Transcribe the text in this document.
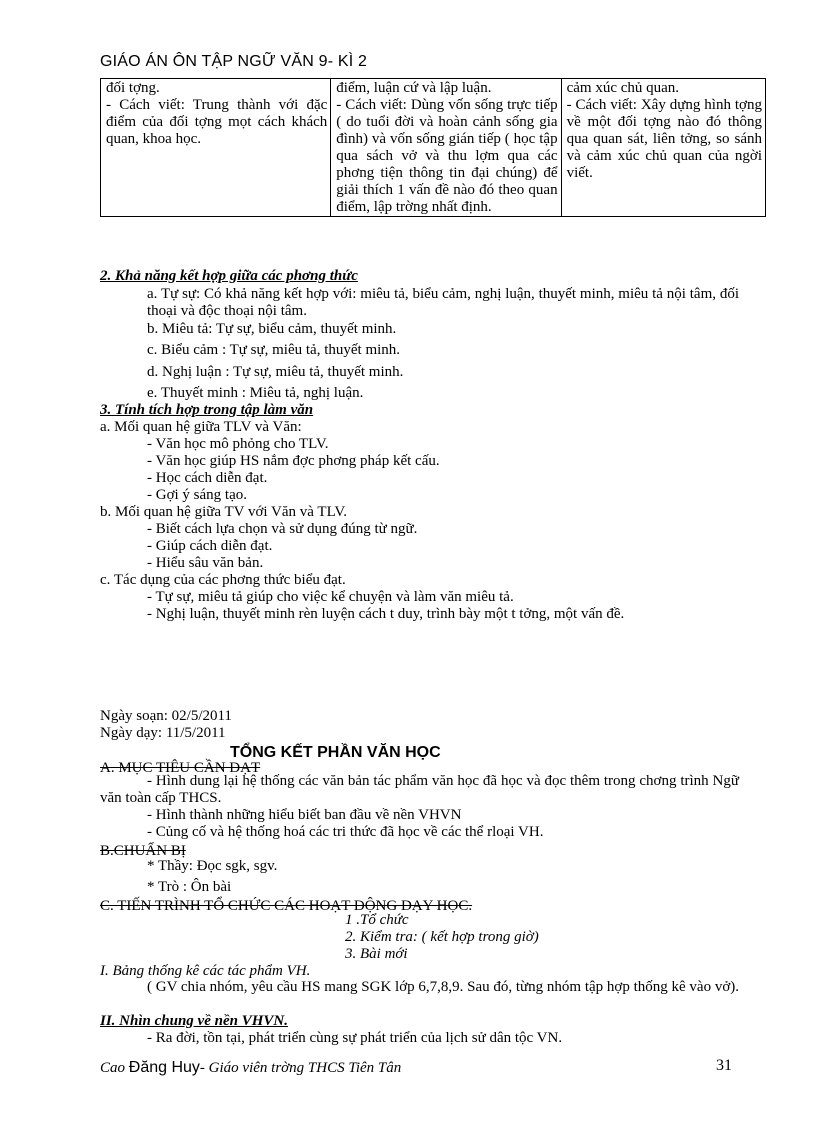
GIÁO ÁN ÔN TẬP NGỮ VĂN 9- KÌ 2
đối tợng.
- Cách viết: Trung thành với đặc điểm của đối tợng mọt cách khách quan, khoa học.

điểm, luận cứ và lập luận.
- Cách viết: Dùng vốn sống trực tiếp ( do tuổi đời và hoàn cảnh sống gia đình) và vốn sống gián tiếp ( học tập qua sách vở và thu lợm qua các phơng tiện thông tin đại chúng) để giải thích 1 vấn đề nào đó theo quan điểm, lập trờng nhất định.

cảm xúc chủ quan.
- Cách viết: Xây dựng hình tợng về một đối tợng nào đó thông qua quan sát, liên tởng, so sánh và cảm xúc chủ quan của ngời viết.
2. Khả năng kết hợp giữa các phơng thức
a. Tự sự: Có khả năng kết hợp với: miêu tả, biểu cảm, nghị luận, thuyết minh, miêu tả nội tâm, đối thoại và độc thoại nội tâm.
b. Miêu tả: Tự sự, biểu cảm, thuyết minh.
c. Biểu cảm : Tự sự, miêu tả, thuyết minh.
d. Nghị luận : Tự sự, miêu tả, thuyết minh.
e. Thuyết minh : Miêu tả, nghị luận.
3. Tính tích hợp trong tập làm văn
a. Mối quan hệ giữa TLV và Văn:
- Văn học mô phỏng cho TLV.
- Văn học giúp HS nắm đợc phơng pháp kết cấu.
- Học cách diễn đạt.
- Gợi ý sáng tạo.
b. Mối quan hệ giữa TV với Văn và TLV.
- Biết cách lựa chọn và sử dụng đúng từ ngữ.
- Giúp cách diễn đạt.
- Hiểu sâu văn bản.
c. Tác dụng của các phơng thức biểu đạt.
- Tự sự, miêu tả giúp cho việc kể chuyện và làm văn miêu tả.
- Nghị luận, thuyết minh rèn luyện cách t duy, trình bày một t tởng, một vấn đề.
Ngày soạn: 02/5/2011
Ngày dạy: 11/5/2011
TỔNG KẾT PHẦN VĂN HỌC
A. MỤC TIÊU CẦN ĐẠT
- Hình dung lại hệ thống các văn bản tác phẩm văn học đã học và đọc thêm trong chơng trình Ngữ văn toàn cấp THCS.
- Hình thành những hiểu biết ban đầu về nền VHVN
- Củng cố và hệ thống hoá các tri thức đã học về các thể rloại VH.
B.CHUẨN BỊ
* Thầy: Đọc sgk, sgv.
* Trò : Ôn bài
C. TIẾN TRÌNH TỔ CHỨC CÁC HOẠT ĐỘNG DẠY HỌC.
1 .Tổ chức
2. Kiểm tra: ( kết hợp trong giờ)
3. Bài mới
I. Bảng thống kê các tác phẩm VH.
( GV chia nhóm, yêu cầu HS mang SGK lớp 6,7,8,9. Sau đó, từng nhóm tập hợp thống kê vào vở).
II. Nhìn chung về nền VHVN.
- Ra đời, tồn tại, phát triển cùng sự phát triển của lịch sử dân tộc VN.
Cao Đăng Huy- Giáo viên trờng THCS Tiên Tân	31
